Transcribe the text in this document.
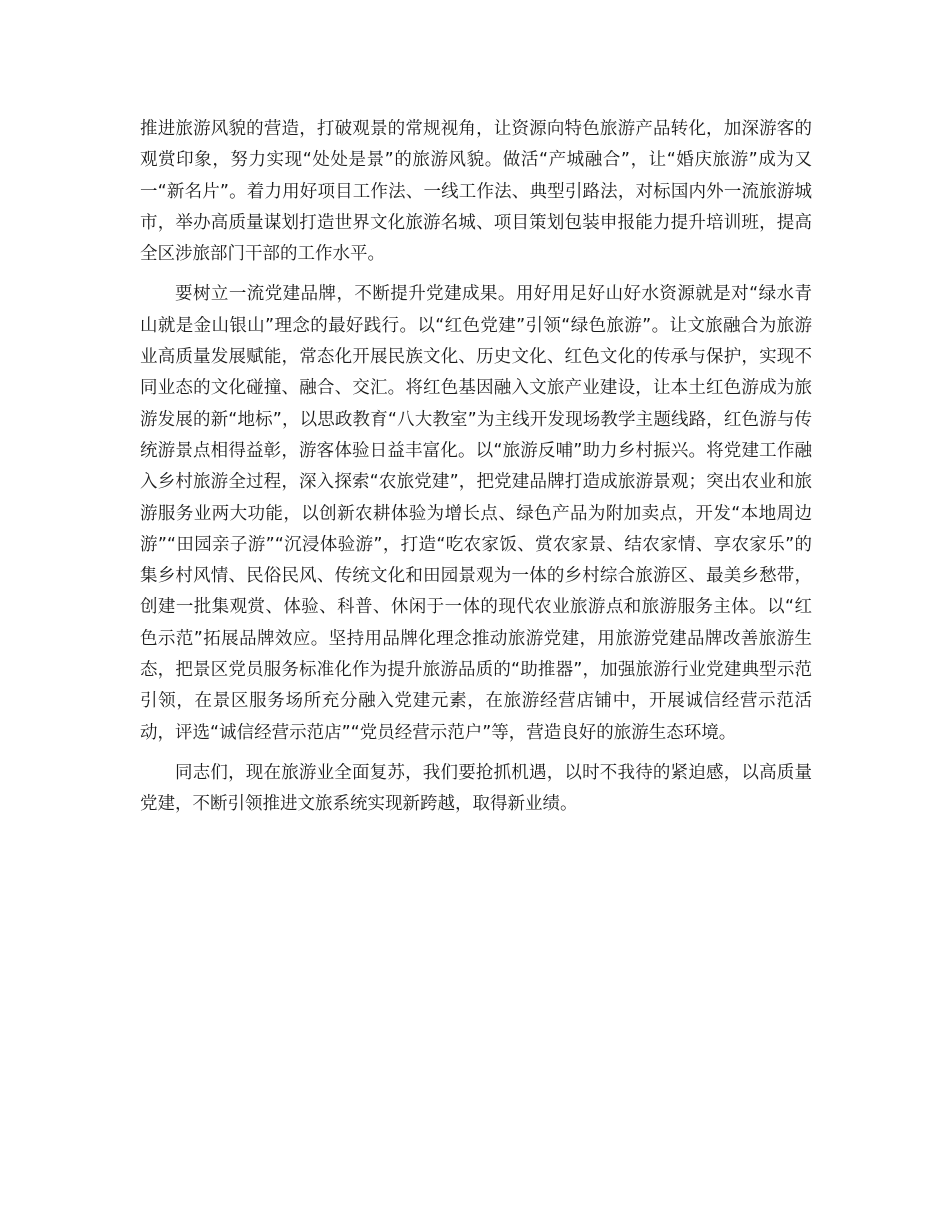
推进旅游风貌的营造，打破观景的常规视角，让资源向特色旅游产品转化，加深游客的观赏印象，努力实现“处处是景”的旅游风貌。做活“产城融合”，让“婚庆旅游”成为又一“新名片”。着力用好项目工作法、一线工作法、典型引路法，对标国内外一流旅游城市，举办高质量谋划打造世界文化旅游名城、项目策划包装申报能力提升培训班，提高全区涉旅部门干部的工作水平。

要树立一流党建品牌，不断提升党建成果。用好用足好山好水资源就是对“绿水青山就是金山银山”理念的最好践行。以“红色党建”引领“绿色旅游”。让文旅融合为旅游业高质量发展赋能，常态化开展民族文化、历史文化、红色文化的传承与保护，实现不同业态的文化碰撞、融合、交汇。将红色基因融入文旅产业建设，让本土红色游成为旅游发展的新“地标”，以思政教育“八大教室”为主线开发现场教学主题线路，红色游与传统游景点相得益彰，游客体验日益丰富化。以“旅游反哺”助力乡村振兴。将党建工作融入乡村旅游全过程，深入探索“农旅党建”，把党建品牌打造成旅游景观；突出农业和旅游服务业两大功能，以创新农耕体验为增长点、绿色产品为附加卖点，开发“本地周边游”“田园亲子游”“沉浸体验游”，打造“吃农家饭、赏农家景、结农家情、享农家乐”的集乡村风情、民俗民风、传统文化和田园景观为一体的乡村综合旅游区、最美乡愁带，创建一批集观赏、体验、科普、休闲于一体的现代农业旅游点和旅游服务主体。以“红色示范”拓展品牌效应。坚持用品牌化理念推动旅游党建，用旅游党建品牌改善旅游生态，把景区党员服务标准化作为提升旅游品质的“助推器”，加强旅游行业党建典型示范引领，在景区服务场所充分融入党建元素，在旅游经营店铺中，开展诚信经营示范活动，评选“诚信经营示范店”“党员经营示范户”等，营造良好的旅游生态环境。

同志们，现在旅游业全面复苏，我们要抢抓机遇，以时不我待的紧迫感，以高质量党建，不断引领推进文旅系统实现新跨越，取得新业绩。
